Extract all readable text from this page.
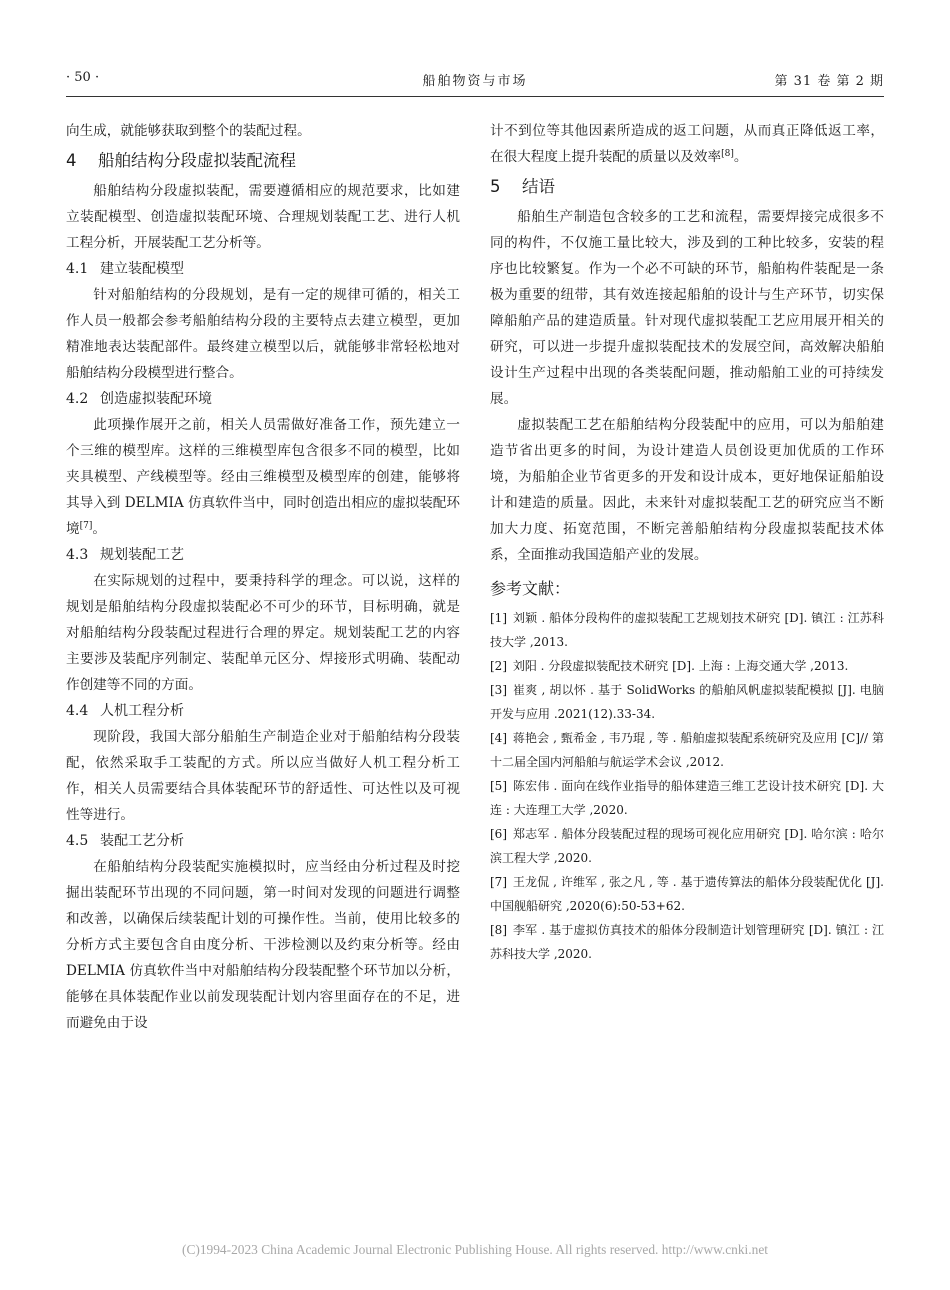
· 50 ·	船舶物资与市场	第 31 卷 第 2 期

向生成，就能够获取到整个的装配过程。

4 船舶结构分段虚拟装配流程

船舶结构分段虚拟装配，需要遵循相应的规范要求，比如建立装配模型、创造虚拟装配环境、合理规划装配工艺、进行人机工程分析，开展装配工艺分析等。

4.1 建立装配模型

针对船舶结构的分段规划，是有一定的规律可循的，相关工作人员一般都会参考船舶结构分段的主要特点去建立模型，更加精准地表达装配部件。最终建立模型以后，就能够非常轻松地对船舶结构分段模型进行整合。

4.2 创造虚拟装配环境

此项操作展开之前，相关人员需做好准备工作，预先建立一个三维的模型库。这样的三维模型库包含很多不同的模型，比如夹具模型、产线模型等。经由三维模型及模型库的创建，能够将其导入到 DELMIA 仿真软件当中，同时创造出相应的虚拟装配环境[7]。

4.3 规划装配工艺

在实际规划的过程中，要秉持科学的理念。可以说，这样的规划是船舶结构分段虚拟装配必不可少的环节，目标明确，就是对船舶结构分段装配过程进行合理的界定。规划装配工艺的内容主要涉及装配序列制定、装配单元区分、焊接形式明确、装配动作创建等不同的方面。

4.4 人机工程分析

现阶段，我国大部分船舶生产制造企业对于船舶结构分段装配，依然采取手工装配的方式。所以应当做好人机工程分析工作，相关人员需要结合具体装配环节的舒适性、可达性以及可视性等进行。

4.5 装配工艺分析

在船舶结构分段装配实施模拟时，应当经由分析过程及时挖掘出装配环节出现的不同问题，第一时间对发现的问题进行调整和改善，以确保后续装配计划的可操作性。当前，使用比较多的分析方式主要包含自由度分析、干涉检测以及约束分析等。经由 DELMIA 仿真软件当中对船舶结构分段装配整个环节加以分析，能够在具体装配作业以前发现装配计划内容里面存在的不足，进而避免由于设

计不到位等其他因素所造成的返工问题，从而真正降低返工率，在很大程度上提升装配的质量以及效率[8]。

5 结语

船舶生产制造包含较多的工艺和流程，需要焊接完成很多不同的构件，不仅施工量比较大，涉及到的工种比较多，安装的程序也比较繁复。作为一个必不可缺的环节，船舶构件装配是一条极为重要的纽带，其有效连接起船舶的设计与生产环节，切实保障船舶产品的建造质量。针对现代虚拟装配工艺应用展开相关的研究，可以进一步提升虚拟装配技术的发展空间，高效解决船舶设计生产过程中出现的各类装配问题，推动船舶工业的可持续发展。

虚拟装配工艺在船舶结构分段装配中的应用，可以为船舶建造节省出更多的时间，为设计建造人员创设更加优质的工作环境，为船舶企业节省更多的开发和设计成本，更好地保证船舶设计和建造的质量。因此，未来针对虚拟装配工艺的研究应当不断加大力度、拓宽范围，不断完善船舶结构分段虚拟装配技术体系，全面推动我国造船产业的发展。

参考文献：
[1] 刘颖 . 船体分段构件的虚拟装配工艺规划技术研究 [D]. 镇江 : 江苏科技大学 ,2013.
[2] 刘阳 . 分段虚拟装配技术研究 [D]. 上海 : 上海交通大学 ,2013.
[3] 崔爽 , 胡以怀 . 基于 SolidWorks 的船舶风帆虚拟装配模拟 [J]. 电脑开发与应用 .2021(12).33-34.
[4] 蒋艳会 , 甄希金 , 韦乃琨 , 等 . 船舶虚拟装配系统研究及应用 [C]// 第十二届全国内河船舶与航运学术会议 ,2012.
[5] 陈宏伟 . 面向在线作业指导的船体建造三维工艺设计技术研究 [D]. 大连 : 大连理工大学 ,2020.
[6] 郑志军 . 船体分段装配过程的现场可视化应用研究 [D]. 哈尔滨 : 哈尔滨工程大学 ,2020.
[7] 王龙侃 , 许维军 , 张之凡 , 等 . 基于遗传算法的船体分段装配优化 [J]. 中国舰船研究 ,2020(6):50-53+62.
[8] 李军 . 基于虚拟仿真技术的船体分段制造计划管理研究 [D]. 镇江 : 江苏科技大学 ,2020.
(C)1994-2023 China Academic Journal Electronic Publishing House. All rights reserved. http://www.cnki.net
